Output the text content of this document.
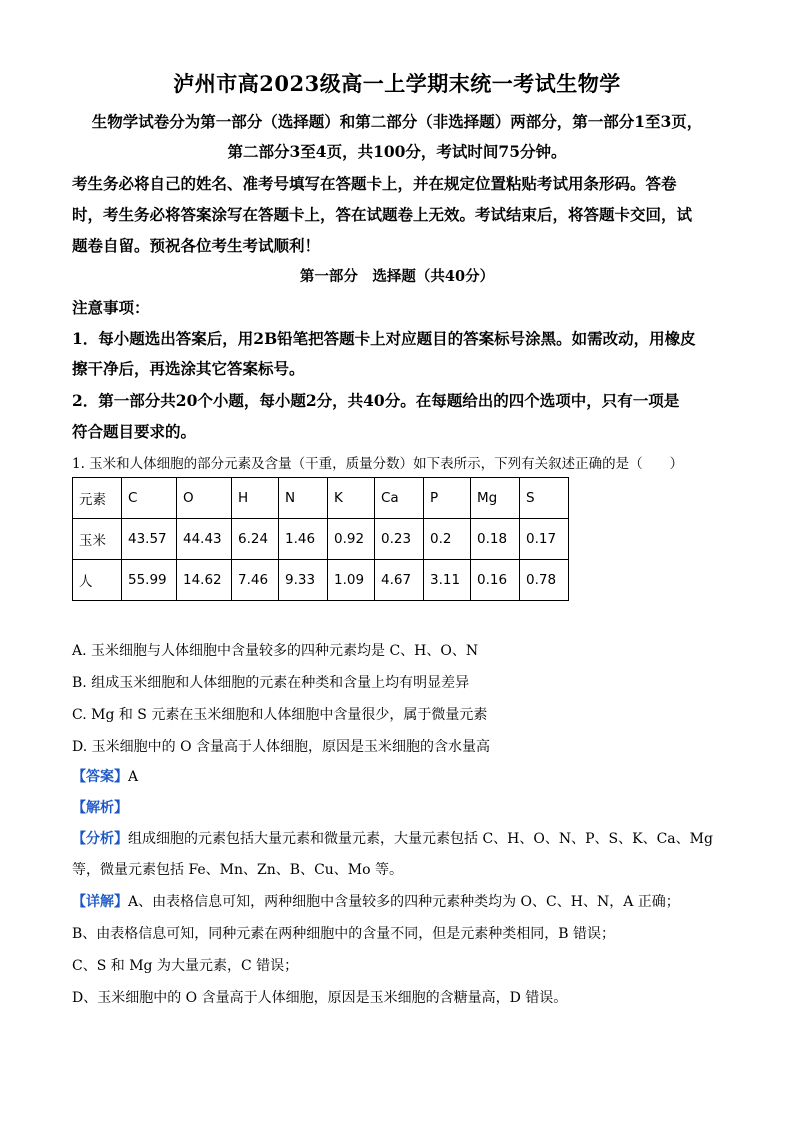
泸州市高2023级高一上学期末统一考试生物学
生物学试卷分为第一部分（选择题）和第二部分（非选择题）两部分，第一部分1至3页，
第二部分3至4页，共100分，考试时间75分钟。
考生务必将自己的姓名、准考号填写在答题卡上，并在规定位置粘贴考试用条形码。答卷
时，考生务必将答案涂写在答题卡上，答在试题卷上无效。考试结束后，将答题卡交回，试
题卷自留。预祝各位考生考试顺利！
第一部分　选择题（共40分）
注意事项：
1．每小题选出答案后，用2B铅笔把答题卡上对应题目的答案标号涂黑。如需改动，用橡皮
擦干净后，再选涂其它答案标号。
2．第一部分共20个小题，每小题2分，共40分。在每题给出的四个选项中，只有一项是
符合题目要求的。
1. 玉米和人体细胞的部分元素及含量（干重，质量分数）如下表所示，下列有关叙述正确的是（　　）
元素	C	O	H	N	K	Ca	P	Mg	S
玉米	43.57	44.43	6.24	1.46	0.92	0.23	0.2	0.18	0.17
人	55.99	14.62	7.46	9.33	1.09	4.67	3.11	0.16	0.78
A. 玉米细胞与人体细胞中含量较多的四种元素均是 C、H、O、N
B. 组成玉米细胞和人体细胞的元素在种类和含量上均有明显差异
C. Mg 和 S 元素在玉米细胞和人体细胞中含量很少，属于微量元素
D. 玉米细胞中的 O 含量高于人体细胞，原因是玉米细胞的含水量高
【答案】A
【解析】
【分析】组成细胞的元素包括大量元素和微量元素，大量元素包括 C、H、O、N、P、S、K、Ca、Mg
等，微量元素包括 Fe、Mn、Zn、B、Cu、Mo 等。
【详解】A、由表格信息可知，两种细胞中含量较多的四种元素种类均为 O、C、H、N，A 正确；
B、由表格信息可知，同种元素在两种细胞中的含量不同，但是元素种类相同，B 错误；
C、S 和 Mg 为大量元素，C 错误；
D、玉米细胞中的 O 含量高于人体细胞，原因是玉米细胞的含糖量高，D 错误。
